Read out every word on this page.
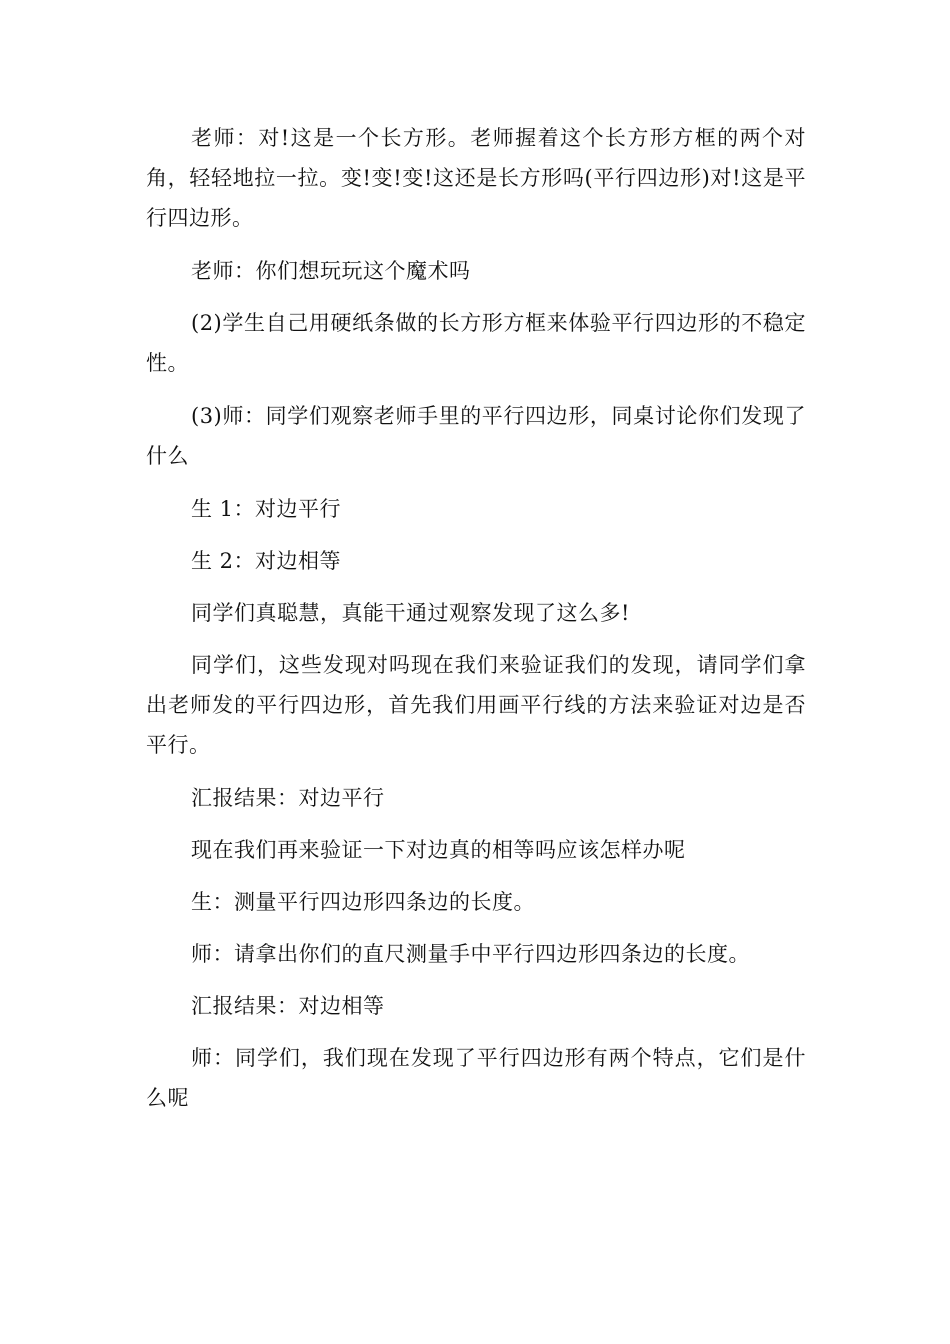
老师：对!这是一个长方形。老师握着这个长方形方框的两个对角，轻轻地拉一拉。变!变!变!这还是长方形吗(平行四边形)对!这是平行四边形。

老师：你们想玩玩这个魔术吗

(2)学生自己用硬纸条做的长方形方框来体验平行四边形的不稳定性。

(3)师：同学们观察老师手里的平行四边形，同桌讨论你们发现了什么

生 1：对边平行

生 2：对边相等

同学们真聪慧，真能干通过观察发现了这么多!

同学们，这些发现对吗现在我们来验证我们的发现，请同学们拿出老师发的平行四边形，首先我们用画平行线的方法来验证对边是否平行。

汇报结果：对边平行

现在我们再来验证一下对边真的相等吗应该怎样办呢

生：测量平行四边形四条边的长度。

师：请拿出你们的直尺测量手中平行四边形四条边的长度。

汇报结果：对边相等

师：同学们，我们现在发现了平行四边形有两个特点，它们是什么呢
